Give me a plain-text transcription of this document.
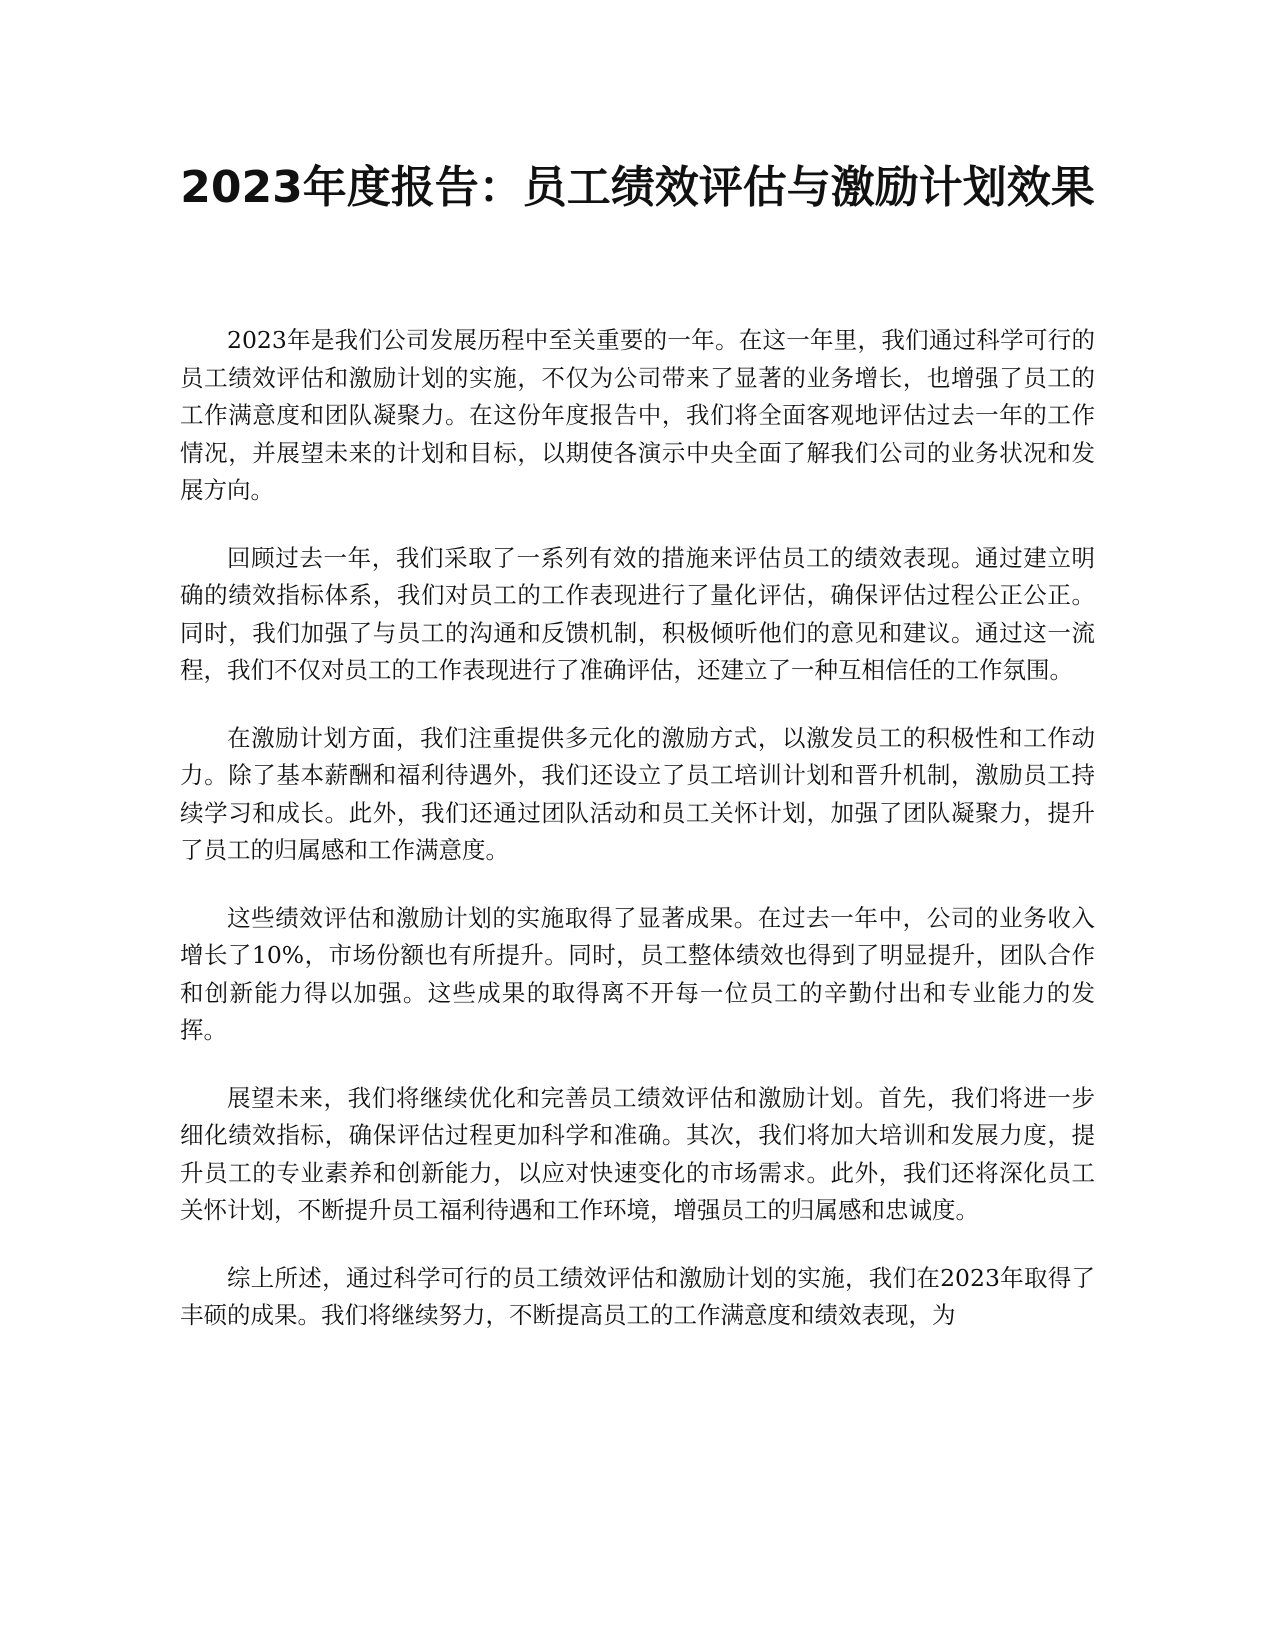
2023年度报告：员工绩效评估与激励计划效果

2023年是我们公司发展历程中至关重要的一年。在这一年里，我们通过科学可行的员工绩效评估和激励计划的实施，不仅为公司带来了显著的业务增长，也增强了员工的工作满意度和团队凝聚力。在这份年度报告中，我们将全面客观地评估过去一年的工作情况，并展望未来的计划和目标，以期使各演示中央全面了解我们公司的业务状况和发展方向。

回顾过去一年，我们采取了一系列有效的措施来评估员工的绩效表现。通过建立明确的绩效指标体系，我们对员工的工作表现进行了量化评估，确保评估过程公正公正。同时，我们加强了与员工的沟通和反馈机制，积极倾听他们的意见和建议。通过这一流程，我们不仅对员工的工作表现进行了准确评估，还建立了一种互相信任的工作氛围。

在激励计划方面，我们注重提供多元化的激励方式，以激发员工的积极性和工作动力。除了基本薪酬和福利待遇外，我们还设立了员工培训计划和晋升机制，激励员工持续学习和成长。此外，我们还通过团队活动和员工关怀计划，加强了团队凝聚力，提升了员工的归属感和工作满意度。

这些绩效评估和激励计划的实施取得了显著成果。在过去一年中，公司的业务收入增长了10%，市场份额也有所提升。同时，员工整体绩效也得到了明显提升，团队合作和创新能力得以加强。这些成果的取得离不开每一位员工的辛勤付出和专业能力的发挥。

展望未来，我们将继续优化和完善员工绩效评估和激励计划。首先，我们将进一步细化绩效指标，确保评估过程更加科学和准确。其次，我们将加大培训和发展力度，提升员工的专业素养和创新能力，以应对快速变化的市场需求。此外，我们还将深化员工关怀计划，不断提升员工福利待遇和工作环境，增强员工的归属感和忠诚度。

综上所述，通过科学可行的员工绩效评估和激励计划的实施，我们在2023年取得了丰硕的成果。我们将继续努力，不断提高员工的工作满意度和绩效表现，为
